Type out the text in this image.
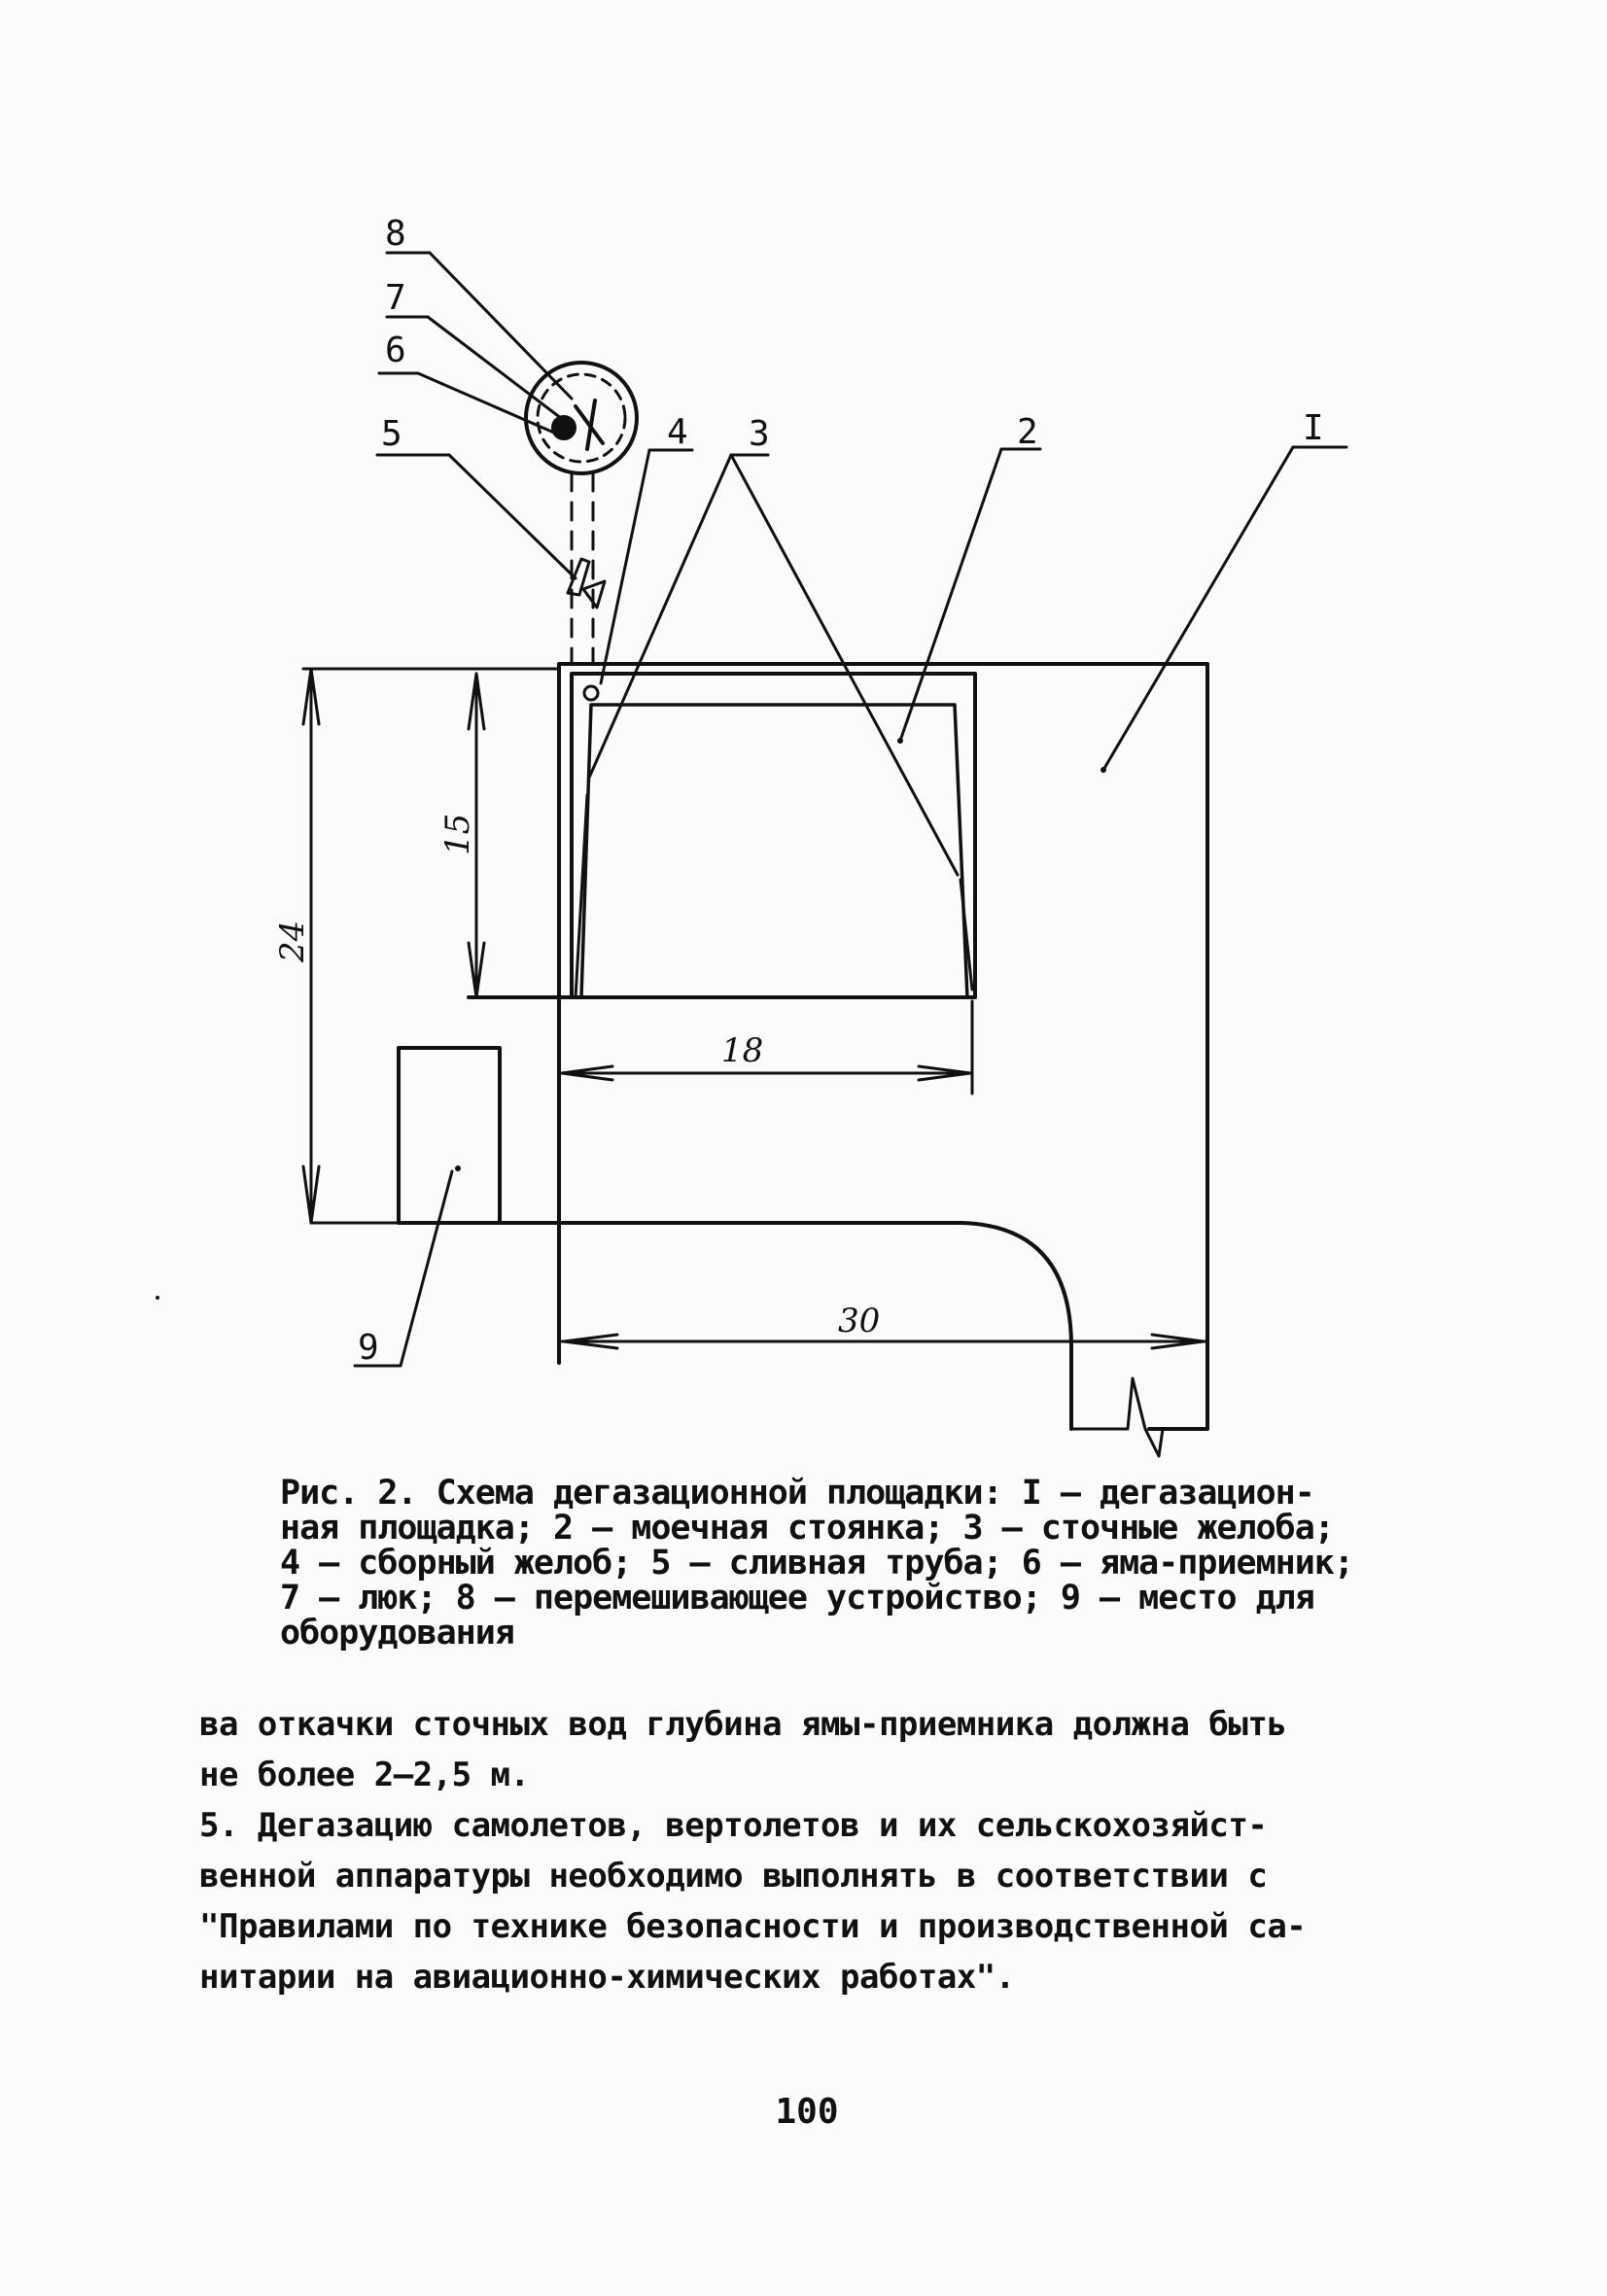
8
7
6
5	4 3	2	I
9
18
30
24
15
Рис. 2. Схема дегазационной площадки: I – дегазацион-
ная площадка; 2 – моечная стоянка; 3 – сточные желоба;
4 – сборный желоб; 5 – сливная труба; 6 – яма-приемник;
7 – люк; 8 – перемешивающее устройство; 9 – место для
оборудования

ва откачки сточных вод глубина ямы-приемника должна быть
не более 2–2,5 м.

5. Дегазацию самолетов, вертолетов и их сельскохозяйст-
венной аппаратуры необходимо выполнять в соответствии с
"Правилами по технике безопасности и производственной са-
нитарии на авиационно-химических работах".

100
